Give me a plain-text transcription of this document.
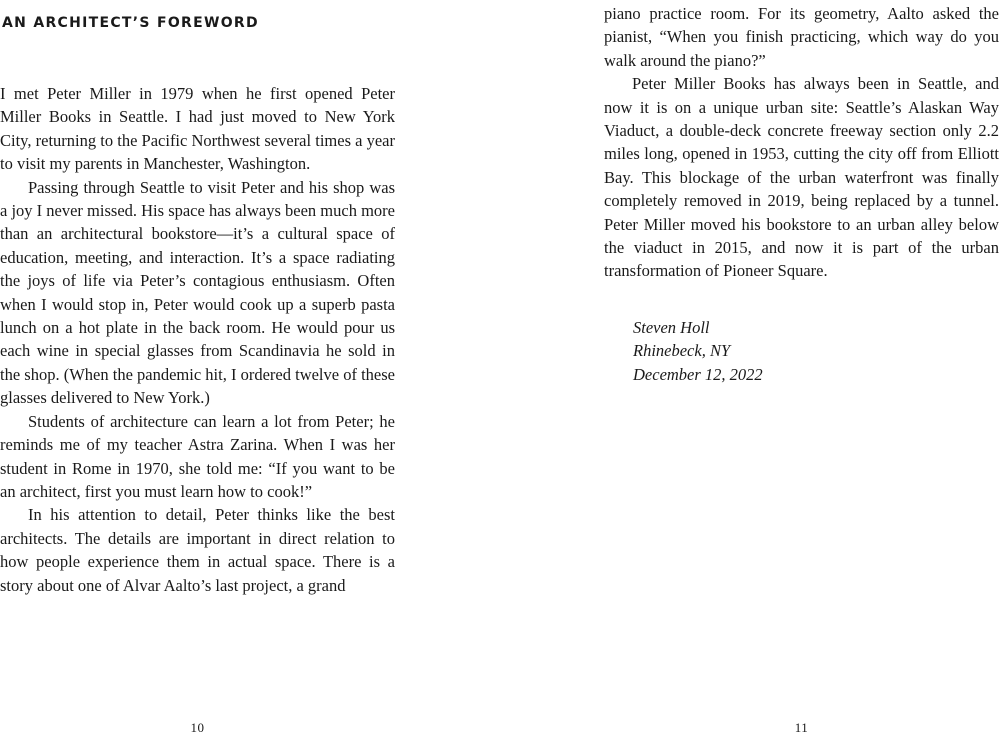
AN ARCHITECT’S FOREWORD

I met Peter Miller in 1979 when he first opened Peter Miller Books in Seattle. I had just moved to New York City, returning to the Pacific Northwest several times a year to visit my parents in Manchester, Washington.

Passing through Seattle to visit Peter and his shop was a joy I never missed. His space has always been much more than an architectural bookstore—it’s a cultural space of education, meeting, and interaction. It’s a space radiating the joys of life via Peter’s contagious enthusiasm. Often when I would stop in, Peter would cook up a superb pasta lunch on a hot plate in the back room. He would pour us each wine in special glasses from Scandinavia he sold in the shop. (When the pandemic hit, I ordered twelve of these glasses delivered to New York.)

Students of architecture can learn a lot from Peter; he reminds me of my teacher Astra Zarina. When I was her student in Rome in 1970, she told me: “If you want to be an architect, first you must learn how to cook!”

In his attention to detail, Peter thinks like the best architects. The details are important in direct relation to how people experience them in actual space. There is a story about one of Alvar Aalto’s last project, a grand

10

piano practice room. For its geometry, Aalto asked the pianist, “When you finish practicing, which way do you walk around the piano?”

Peter Miller Books has always been in Seattle, and now it is on a unique urban site: Seattle’s Alaskan Way Viaduct, a double-deck concrete freeway section only 2.2 miles long, opened in 1953, cutting the city off from Elliott Bay. This blockage of the urban waterfront was finally completely removed in 2019, being replaced by a tunnel. Peter Miller moved his bookstore to an urban alley below the viaduct in 2015, and now it is part of the urban transformation of Pioneer Square.

Steven Holl
Rhinebeck, NY
December 12, 2022
11
